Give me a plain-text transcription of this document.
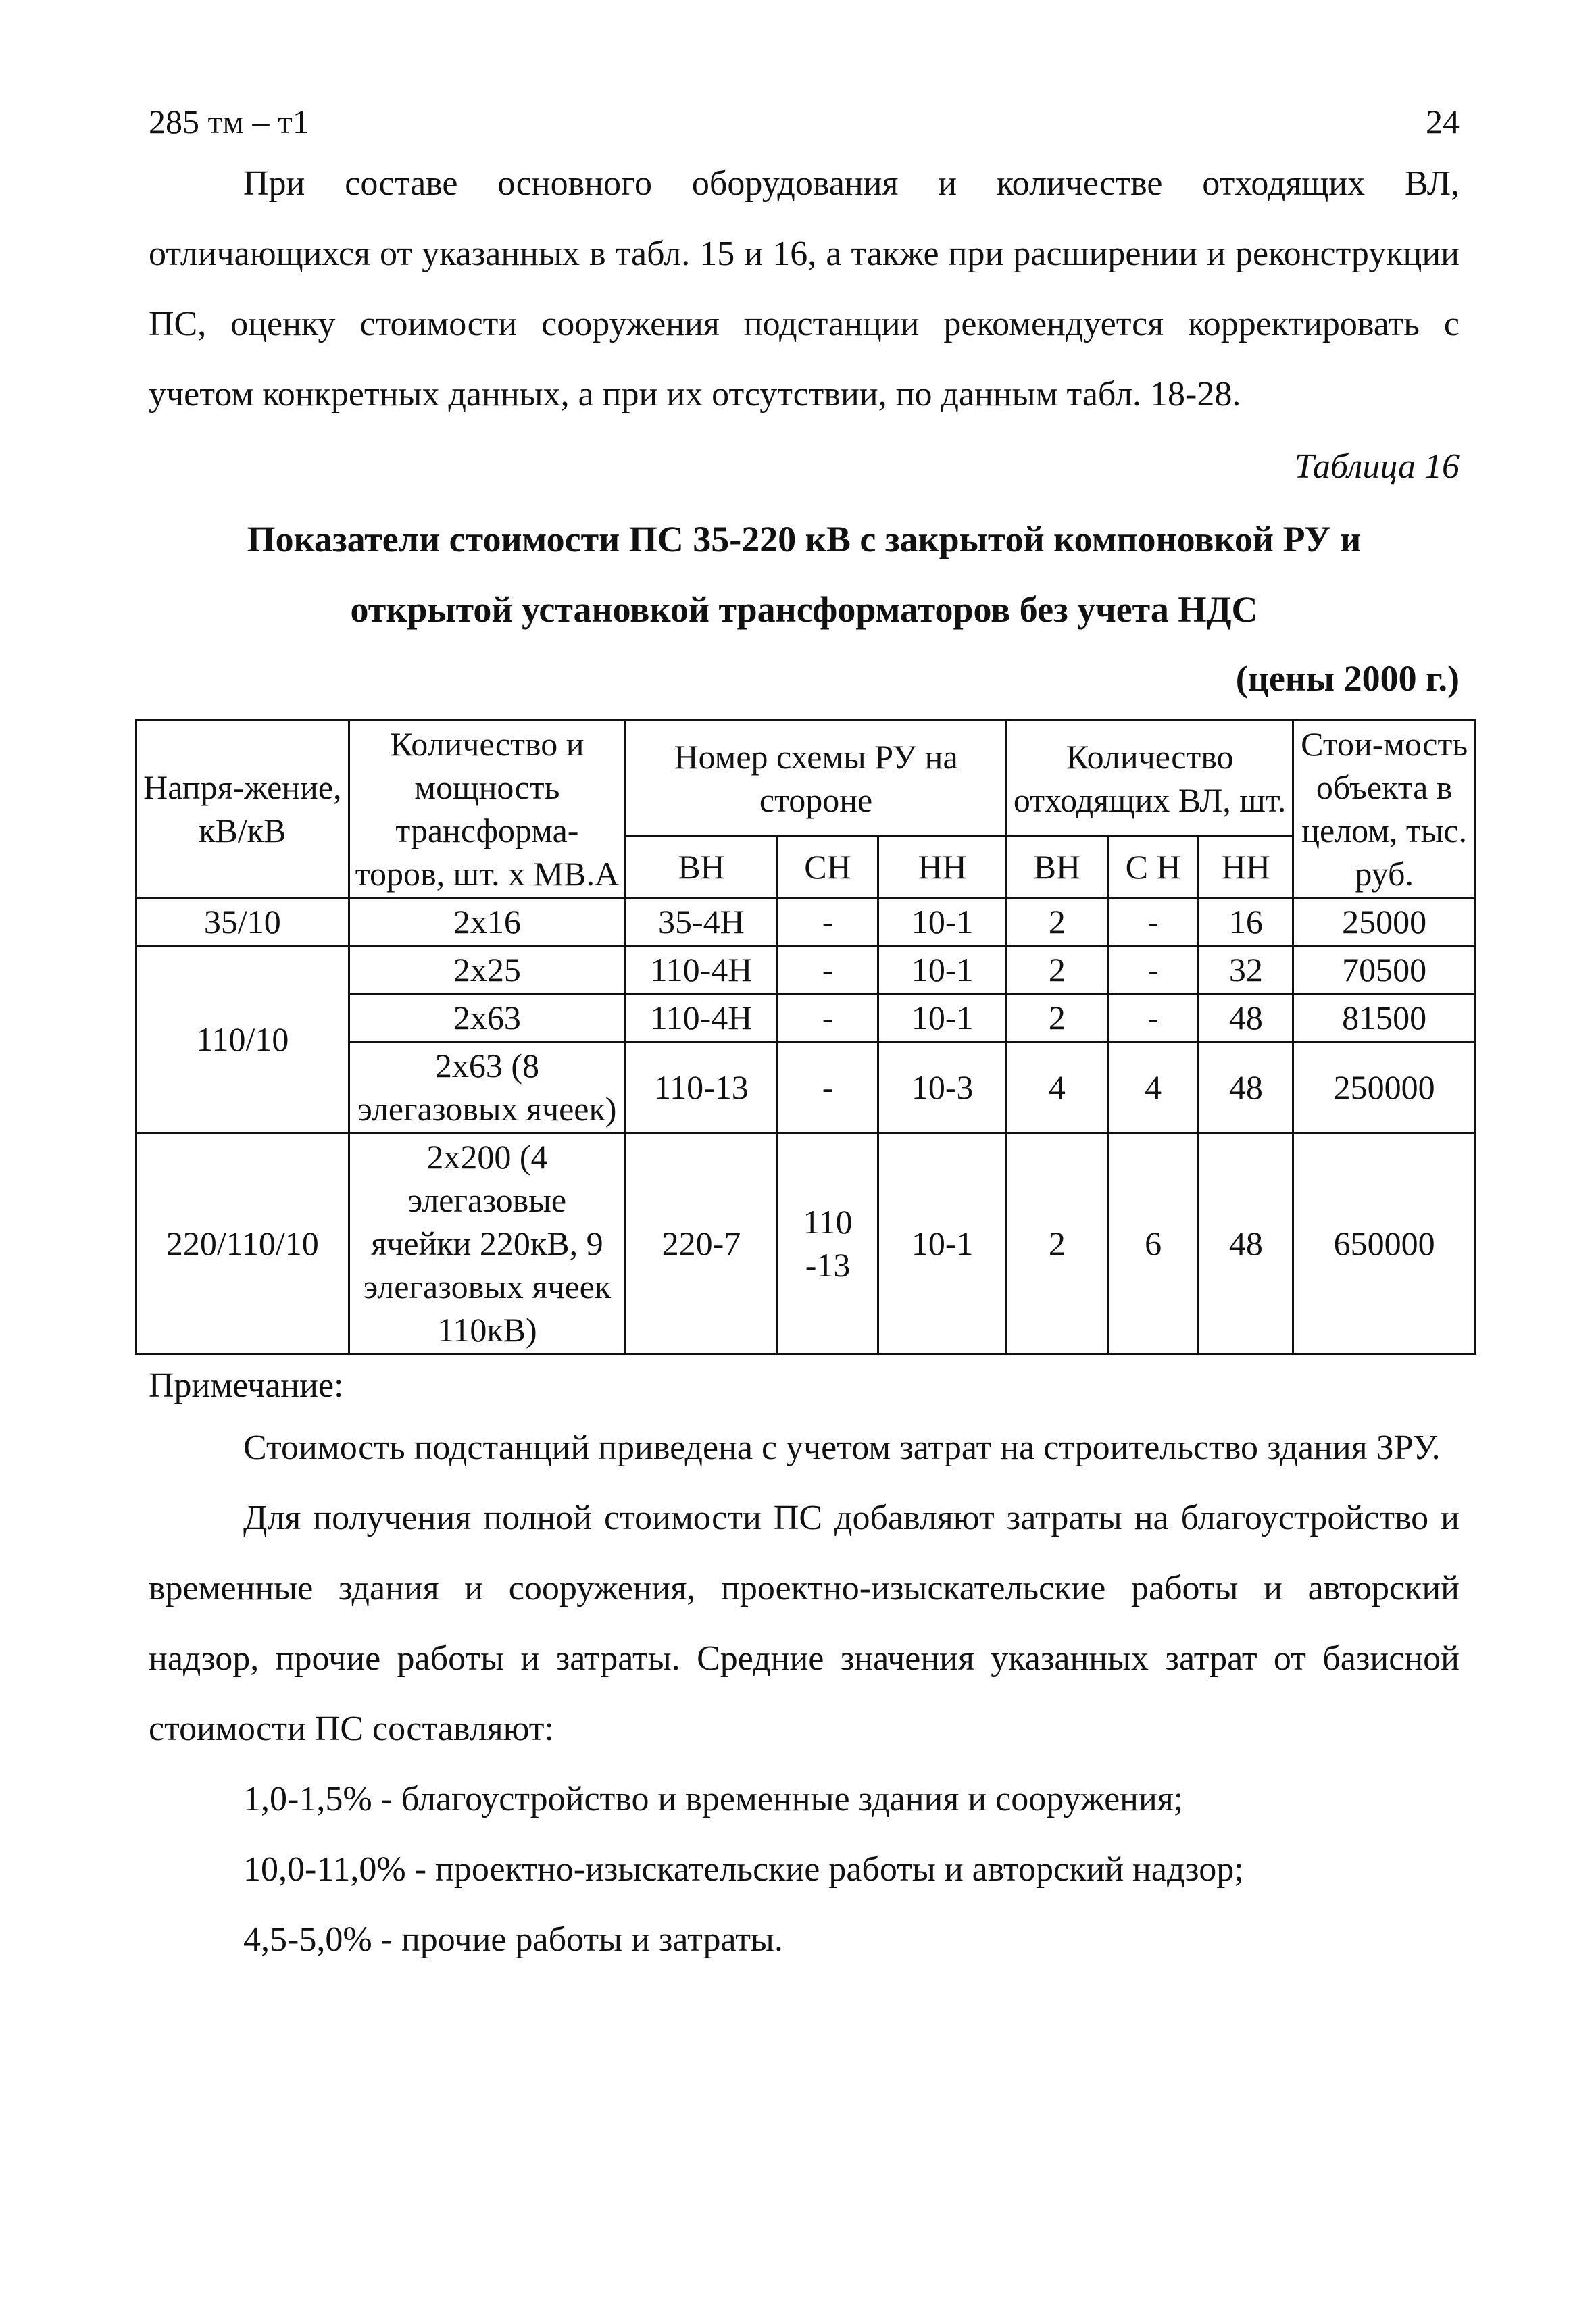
285 тм – т1	24

При составе основного оборудования и количестве отходящих ВЛ, отличающихся от указанных в табл. 15 и 16, а также при расширении и реконструкции ПС, оценку стоимости сооружения подстанции рекомендуется корректировать с учетом конкретных данных, а при их отсутствии, по данным табл. 18-28.

Таблица 16
Показатели стоимости ПС 35-220 кВ с закрытой компоновкой РУ и
открытой установкой трансформаторов без учета НДС
(цены 2000 г.)
Напря-жение, кВ/кВ	Количество и мощность трансформа-торов, шт. х МВ.А	Номер схемы РУ на стороне			Количество отходящих ВЛ, шт.			Стои-мость объекта в целом, тыс. руб.
		ВН	СН	НН	ВН	С Н	НН	
35/10	2х16	35-4Н	-	10-1	2	-	16	25000
110/10	2х25	110-4Н	-	10-1	2	-	32	70500
	2х63	110-4Н	-	10-1	2	-	48	81500
	2х63 (8 элегазовых ячеек)	110-13	-	10-3	4	4	48	250000
220/110/10	2х200 (4 элегазовые ячейки 220кВ, 9 элегазовых ячеек 110кВ)	220-7	110 -13	10-1	2	6	48	650000
Примечание:

Стоимость подстанций приведена с учетом затрат на строительство здания ЗРУ.

Для получения полной стоимости ПС добавляют затраты на благоустройство и временные здания и сооружения, проектно-изыскательские работы и авторский надзор, прочие работы и затраты. Средние значения указанных затрат от базисной стоимости ПС составляют:

1,0-1,5% - благоустройство и временные здания и сооружения;
10,0-11,0% - проектно-изыскательские работы и авторский надзор;
4,5-5,0% - прочие работы и затраты.
